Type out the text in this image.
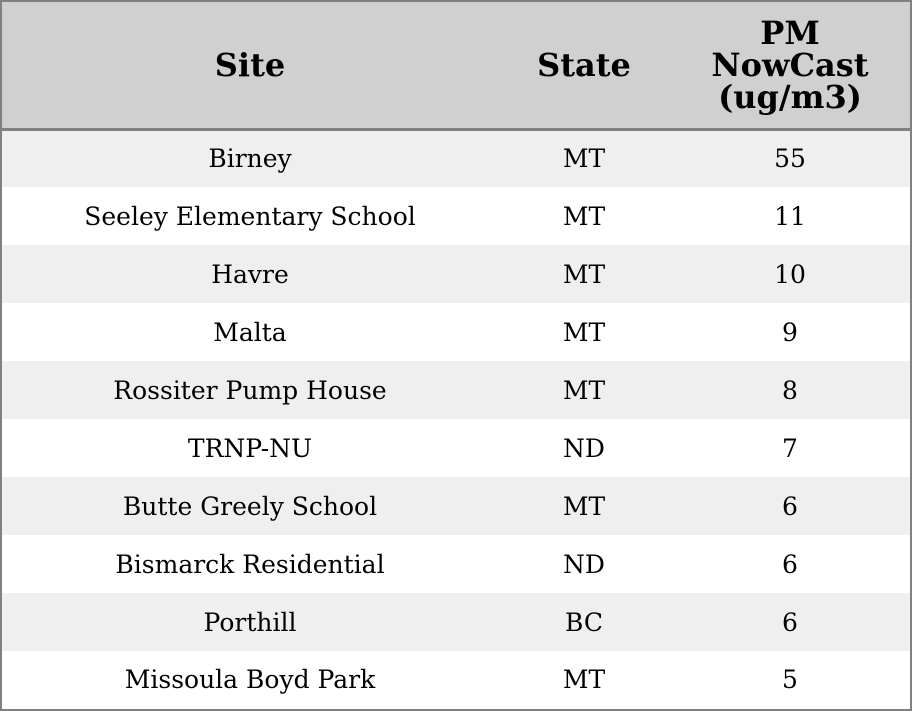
Site	State	PM
NowCast
(ug/m3)

Birney	MT	55
Seeley Elementary School	MT	11
Havre	MT	10
Malta	MT	9
Rossiter Pump House	MT	8
TRNP-NU	ND	7
Butte Greely School	MT	6
Bismarck Residential	ND	6
Porthill	BC	6
Missoula Boyd Park	MT	5
